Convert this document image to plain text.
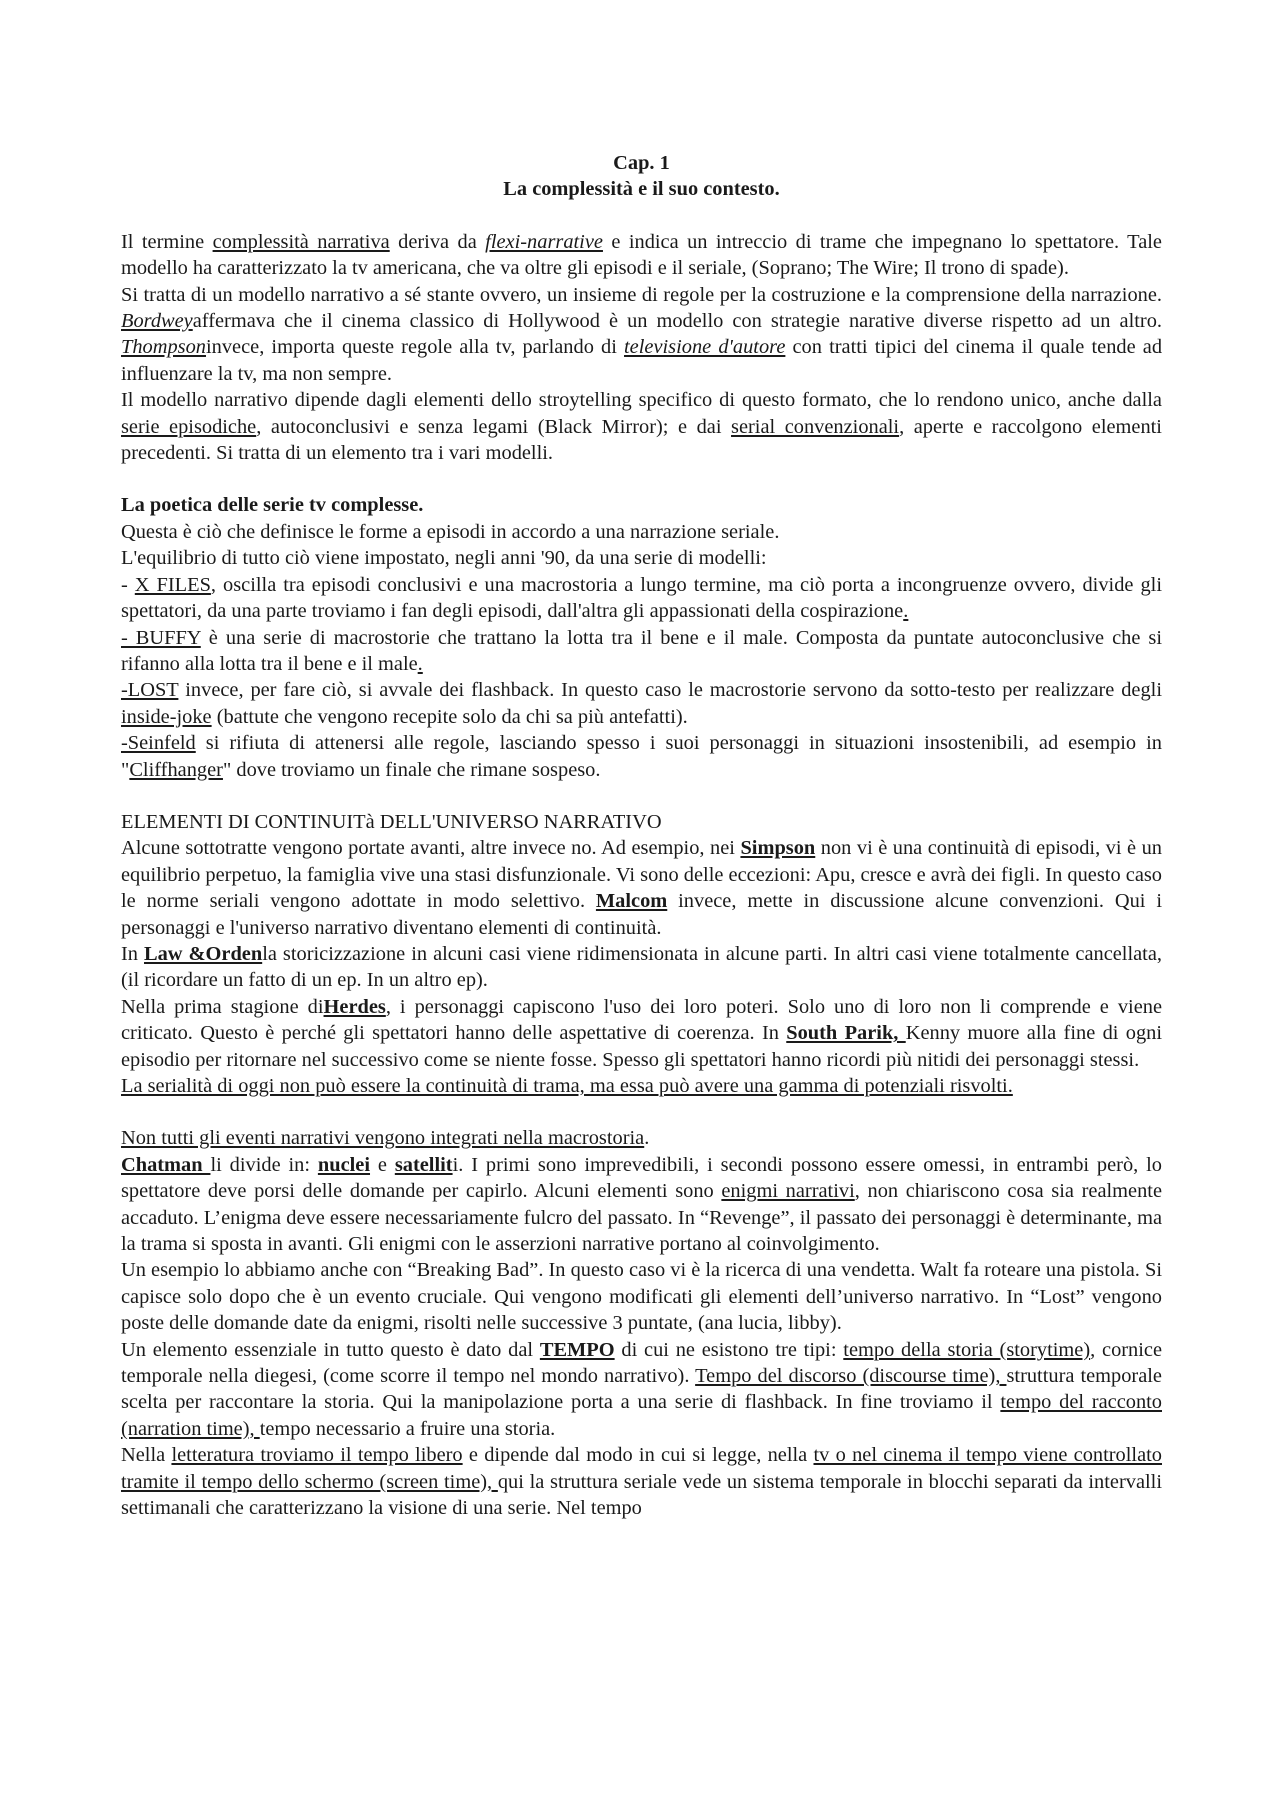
Cap. 1

La complessità e il suo contesto.

Il termine complessità narrativa deriva da flexi-narrative e indica un intreccio di trame che impegnano lo spettatore. Tale modello ha caratterizzato la tv americana, che va oltre gli episodi e il seriale, (Soprano; The Wire; Il trono di spade).

Si tratta di un modello narrativo a sé stante ovvero, un insieme di regole per la costruzione e la comprensione della narrazione. Bordweyaffermava che il cinema classico di Hollywood è un modello con strategie narative diverse rispetto ad un altro. Thompsoninvece, importa queste regole alla tv, parlando di televisione d'autore con tratti tipici del cinema il quale tende ad influenzare la tv, ma non sempre.

Il modello narrativo dipende dagli elementi dello stroytelling specifico di questo formato, che lo rendono unico, anche dalla serie episodiche, autoconclusivi e senza legami (Black Mirror); e dai serial convenzionali, aperte e raccolgono elementi precedenti. Si tratta di un elemento tra i vari modelli.

La poetica delle serie tv complesse.

Questa è ciò che definisce le forme a episodi in accordo a una narrazione seriale.

L'equilibrio di tutto ciò viene impostato, negli anni '90, da una serie di modelli:

- X FILES, oscilla tra episodi conclusivi e una macrostoria a lungo termine, ma ciò porta a incongruenze ovvero, divide gli spettatori, da una parte troviamo i fan degli episodi, dall'altra gli appassionati della cospirazione.

- BUFFY è una serie di macrostorie che trattano la lotta tra il bene e il male. Composta da puntate autoconclusive che si rifanno alla lotta tra il bene e il male.

-LOST invece, per fare ciò, si avvale dei flashback. In questo caso le macrostorie servono da sotto-testo per realizzare degli inside-joke (battute che vengono recepite solo da chi sa più antefatti).

-Seinfeld si rifiuta di attenersi alle regole, lasciando spesso i suoi personaggi in situazioni insostenibili, ad esempio in "Cliffhanger" dove troviamo un finale che rimane sospeso.

ELEMENTI DI CONTINUITà DELL'UNIVERSO NARRATIVO

Alcune sottotratte vengono portate avanti, altre invece no. Ad esempio, nei Simpson non vi è una continuità di episodi, vi è un equilibrio perpetuo, la famiglia vive una stasi disfunzionale. Vi sono delle eccezioni: Apu, cresce e avrà dei figli. In questo caso le norme seriali vengono adottate in modo selettivo. Malcom invece, mette in discussione alcune convenzioni. Qui i personaggi e l'universo narrativo diventano elementi di continuità.

In Law &Ordenla storicizzazione in alcuni casi viene ridimensionata in alcune parti. In altri casi viene totalmente cancellata, (il ricordare un fatto di un ep. In un altro ep).

Nella prima stagione diHerdes, i personaggi capiscono l'uso dei loro poteri. Solo uno di loro non li comprende e viene criticato. Questo è perché gli spettatori hanno delle aspettative di coerenza. In South Parik, Kenny muore alla fine di ogni episodio per ritornare nel successivo come se niente fosse. Spesso gli spettatori hanno ricordi più nitidi dei personaggi stessi.

La serialità di oggi non può essere la continuità di trama, ma essa può avere una gamma di potenziali risvolti.

Non tutti gli eventi narrativi vengono integrati nella macrostoria.

Chatman li divide in: nuclei e satelliti. I primi sono imprevedibili, i secondi possono essere omessi, in entrambi però, lo spettatore deve porsi delle domande per capirlo. Alcuni elementi sono enigmi narrativi, non chiariscono cosa sia realmente accaduto. L’enigma deve essere necessariamente fulcro del passato. In “Revenge”, il passato dei personaggi è determinante, ma la trama si sposta in avanti. Gli enigmi con le asserzioni narrative portano al coinvolgimento.

Un esempio lo abbiamo anche con “Breaking Bad”. In questo caso vi è la ricerca di una vendetta. Walt fa roteare una pistola. Si capisce solo dopo che è un evento cruciale. Qui vengono modificati gli elementi dell’universo narrativo. In “Lost” vengono poste delle domande date da enigmi, risolti nelle successive 3 puntate, (ana lucia, libby).

Un elemento essenziale in tutto questo è dato dal TEMPO di cui ne esistono tre tipi: tempo della storia (storytime), cornice temporale nella diegesi, (come scorre il tempo nel mondo narrativo). Tempo del discorso (discourse time), struttura temporale scelta per raccontare la storia. Qui la manipolazione porta a una serie di flashback. In fine troviamo il tempo del racconto (narration time), tempo necessario a fruire una storia.

Nella letteratura troviamo il tempo libero e dipende dal modo in cui si legge, nella tv o nel cinema il tempo viene controllato tramite il tempo dello schermo (screen time), qui la struttura seriale vede un sistema temporale in blocchi separati da intervalli settimanali che caratterizzano la visione di una serie. Nel tempo
